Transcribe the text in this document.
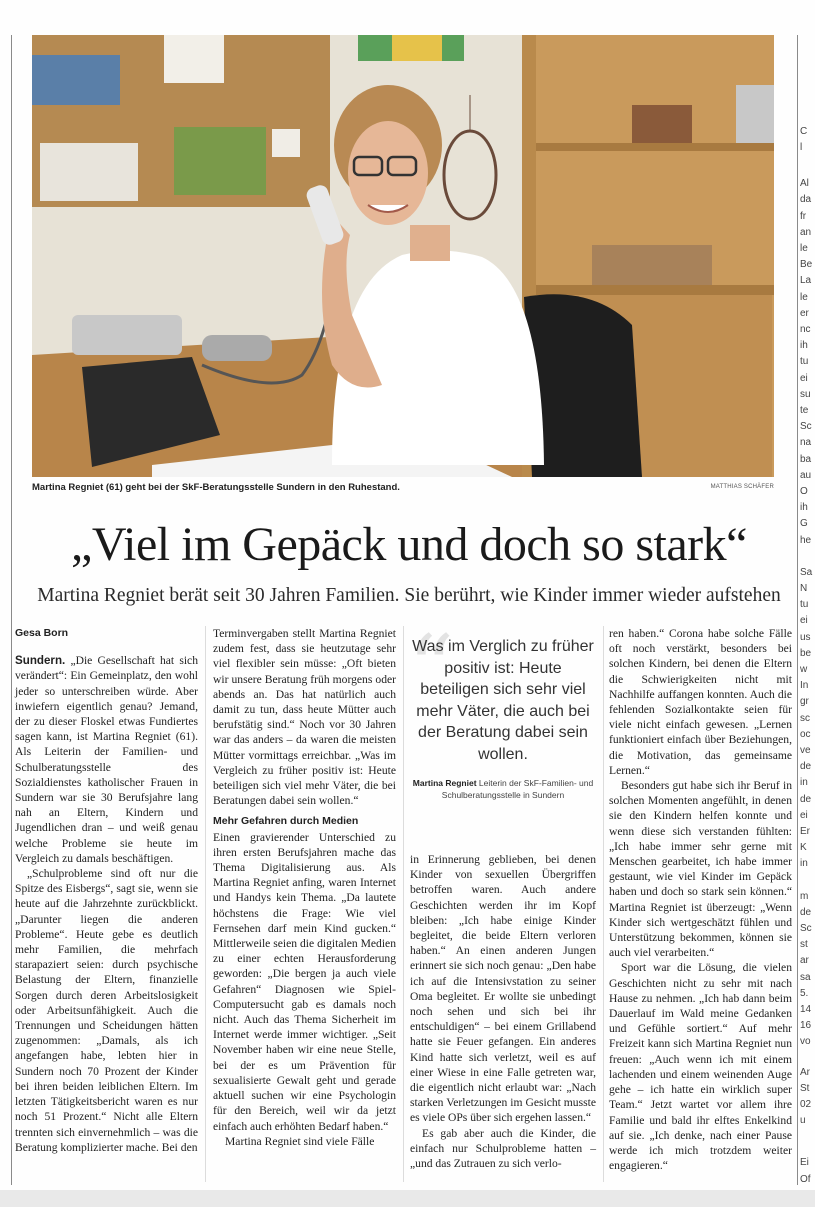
Martina Regniet (61) geht bei der SkF-Beratungsstelle Sundern in den Ruhestand.	MATTHIAS SCHÄFER
„Viel im Gepäck und doch so stark“
Martina Regniet berät seit 30 Jahren Familien. Sie berührt, wie Kinder immer wieder aufstehen
Gesa Born

Sundern. „Die Gesellschaft hat sich verändert“: Ein Gemeinplatz, den wohl jeder so unterschreiben würde. Aber inwiefern eigentlich genau? Jemand, der zu dieser Floskel etwas Fundiertes sagen kann, ist Martina Regniet (61). Als Leiterin der Familien- und Schulberatungsstelle des Sozialdienstes katholischer Frauen in Sundern war sie 30 Berufsjahre lang nah an Eltern, Kindern und Jugendlichen dran – und weiß genau welche Probleme sie heute im Vergleich zu damals beschäftigen.

„Schulprobleme sind oft nur die Spitze des Eisbergs“, sagt sie, wenn sie heute auf die Jahrzehnte zurückblickt. „Darunter liegen die anderen Probleme“. Heute gebe es deutlich mehr Familien, die mehrfach starapaziert seien: durch psychische Belastung der Eltern, finanzielle Sorgen durch deren Arbeitslosigkeit oder Arbeitsunfähigkeit. Auch die Trennungen und Scheidungen hätten zugenommen: „Damals, als ich angefangen habe, lebten hier in Sundern noch 70 Prozent der Kinder bei ihren beiden leiblichen Eltern. Im letzten Tätigkeitsbericht waren es nur noch 51 Prozent.“ Nicht alle Eltern trennten sich einvernehmlich – was die Beratung komplizierter mache. Bei den

Terminvergaben stellt Martina Regniet zudem fest, dass sie heutzutage sehr viel flexibler sein müsse: „Oft bieten wir unsere Beratung früh morgens oder abends an. Das hat natürlich auch damit zu tun, dass heute Mütter auch berufstätig sind.“ Noch vor 30 Jahren war das anders – da waren die meisten Mütter vormittags erreichbar. „Was im Vergleich zu früher positiv ist: Heute beteiligen sich viel mehr Väter, die bei Beratungen dabei sein wollen.“

Mehr Gefahren durch Medien

Einen gravierender Unterschied zu ihren ersten Berufsjahren mache das Thema Digitalisierung aus. Als Martina Regniet anfing, waren Internet und Handys kein Thema. „Da lautete höchstens die Frage: Wie viel Fernsehen darf mein Kind gucken.“ Mittlerweile seien die digitalen Medien zu einer echten Herausforderung geworden: „Die bergen ja auch viele Gefahren“ Diagnosen wie Spiel-Computersucht gab es damals noch nicht. Auch das Thema Sicherheit im Internet werde immer wichtiger. „Seit November haben wir eine neue Stelle, bei der es um Prävention für sexualisierte Gewalt geht und gerade aktuell suchen wir eine Psychologin für den Bereich, weil wir da jetzt einfach auch erhöhten Bedarf haben.“

Martina Regniet sind viele Fälle

“
Was im Verglich zu früher positiv ist: Heute beteiligen sich sehr viel mehr Väter, die auch bei der Beratung dabei sein wollen.
Martina Regniet Leiterin der SkF-Familien- und Schulberatungsstelle in Sundern

in Erinnerung geblieben, bei denen Kinder von sexuellen Übergriffen betroffen waren. Auch andere Geschichten werden ihr im Kopf bleiben: „Ich habe einige Kinder begleitet, die beide Eltern verloren haben.“ An einen anderen Jungen erinnert sie sich noch genau: „Den habe ich auf die Intensivstation zu seiner Oma begleitet. Er wollte sie unbedingt noch sehen und sich bei ihr entschuldigen“ – bei einem Grillabend hatte sie Feuer gefangen. Ein anderes Kind hatte sich verletzt, weil es auf einer Wiese in eine Falle getreten war, die eigentlich nicht erlaubt war: „Nach starken Verletzungen im Gesicht musste es viele OPs über sich ergehen lassen.“

Es gab aber auch die Kinder, die einfach nur Schulprobleme hatten – „und das Zutrauen zu sich verlo-

ren haben.“ Corona habe solche Fälle oft noch verstärkt, besonders bei solchen Kindern, bei denen die Eltern die Schwierigkeiten nicht mit Nachhilfe auffangen konnten. Auch die fehlenden Sozialkontakte seien für viele nicht einfach gewesen. „Lernen funktioniert einfach über Beziehungen, die Motivation, das gemeinsame Lernen.“

Besonders gut habe sich ihr Beruf in solchen Momenten angefühlt, in denen sie den Kindern helfen konnte und wenn diese sich verstanden fühlten: „Ich habe immer sehr gerne mit Menschen gearbeitet, ich habe immer gestaunt, wie viel Kinder im Gepäck haben und doch so stark sein können.“ Martina Regniet ist überzeugt: „Wenn Kinder sich wertgeschätzt fühlen und Unterstützung bekommen, können sie auch viel verarbeiten.“

Sport war die Lösung, die vielen Geschichten nicht zu sehr mit nach Hause zu nehmen. „Ich hab dann beim Dauerlauf im Wald meine Gedanken und Gefühle sortiert.“ Auf mehr Freizeit kann sich Martina Regniet nun freuen: „Auch wenn ich mit einem lachenden und einem weinenden Auge gehe – ich hatte ein wirklich super Team.“ Jetzt wartet vor allem ihre Familie und bald ihr elftes Enkelkind auf sie. „Ich denke, nach einer Pause werde ich mich trotzdem weiter engagieren.“

C
l
Al
da
fr
an
le
Be
La
le
er
nc
ih
tu
ei
su
te
Sc
na
ba
au
O
ih
G
he
Sa
N
tu
ei
us
be
w
In
gr
sc
oc
ve
de
in
de
ei
Er
K
in
m
de
Sc
st
ar
sa
5.
14
16
vo
Ar
St
02
u
Ei
Of
